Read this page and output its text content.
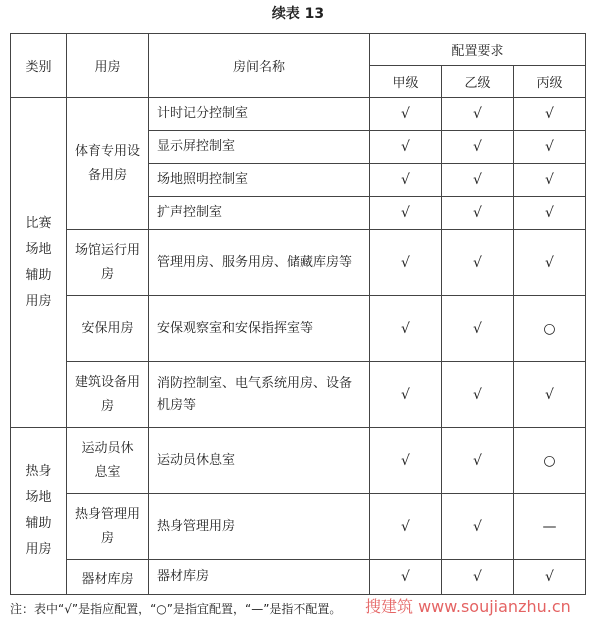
续表 13
类别	用房	房间名称	配置要求		
			甲级	乙级	丙级
比赛场地辅助用房	体育专用设备用房	计时记分控制室	√	√	√
		显示屏控制室	√	√	√
		场地照明控制室	√	√	√
		扩声控制室	√	√	√
	场馆运行用房	管理用房、服务用房、储藏库房等	√	√	√
	安保用房	安保观察室和安保指挥室等	√	√	○
	建筑设备用房	消防控制室、电气系统用房、设备机房等	√	√	√
热身场地辅助用房	运动员休息室	运动员休息室	√	√	○
	热身管理用房	热身管理用房	√	√	—
	器材库房	器材库房	√	√	√
注：表中“√”是指应配置，“○”是指宜配置，“—”是指不配置。 搜建筑 www.soujianzhu.cn
